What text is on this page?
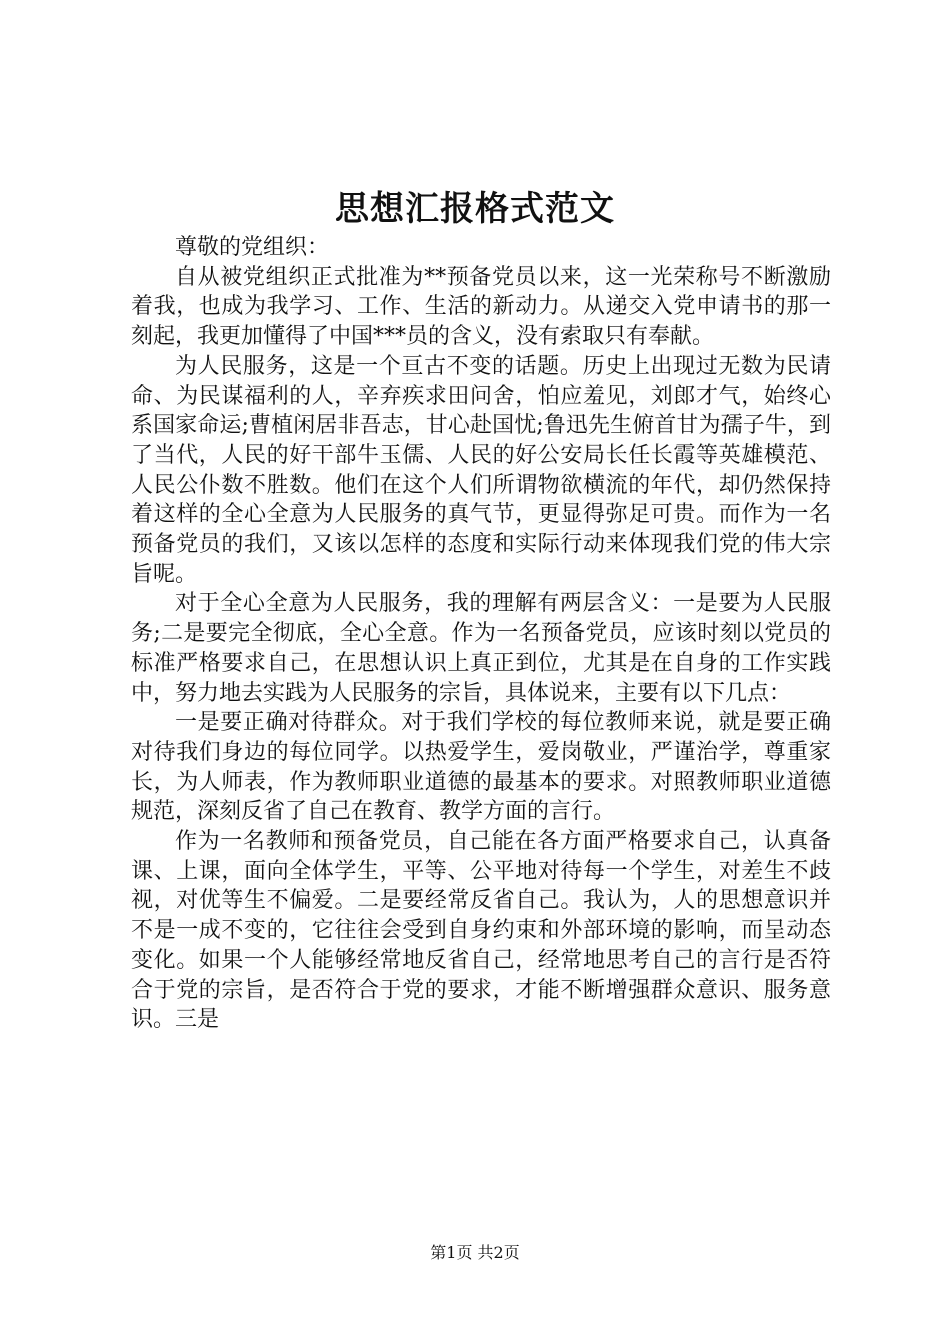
思想汇报格式范文

尊敬的党组织：

自从被党组织正式批准为**预备党员以来，这一光荣称号不断激励着我，也成为我学习、工作、生活的新动力。从递交入党申请书的那一刻起，我更加懂得了中国***员的含义，没有索取只有奉献。

为人民服务，这是一个亘古不变的话题。历史上出现过无数为民请命、为民谋福利的人，辛弃疾求田问舍，怕应羞见，刘郎才气，始终心系国家命运;曹植闲居非吾志，甘心赴国忧;鲁迅先生俯首甘为孺子牛，到了当代，人民的好干部牛玉儒、人民的好公安局长任长霞等英雄模范、人民公仆数不胜数。他们在这个人们所谓物欲横流的年代，却仍然保持着这样的全心全意为人民服务的真气节，更显得弥足可贵。而作为一名预备党员的我们，又该以怎样的态度和实际行动来体现我们党的伟大宗旨呢。

对于全心全意为人民服务，我的理解有两层含义：一是要为人民服务;二是要完全彻底，全心全意。作为一名预备党员，应该时刻以党员的标准严格要求自己，在思想认识上真正到位，尤其是在自身的工作实践中，努力地去实践为人民服务的宗旨，具体说来，主要有以下几点：

一是要正确对待群众。对于我们学校的每位教师来说，就是要正确对待我们身边的每位同学。以热爱学生，爱岗敬业，严谨治学，尊重家长，为人师表，作为教师职业道德的最基本的要求。对照教师职业道德规范，深刻反省了自己在教育、教学方面的言行。

作为一名教师和预备党员，自己能在各方面严格要求自己，认真备课、上课，面向全体学生，平等、公平地对待每一个学生，对差生不歧视，对优等生不偏爱。二是要经常反省自己。我认为，人的思想意识并不是一成不变的，它往往会受到自身约束和外部环境的影响，而呈动态变化。如果一个人能够经常地反省自己，经常地思考自己的言行是否符合于党的宗旨，是否符合于党的要求，才能不断增强群众意识、服务意识。三是

第1页 共2页
